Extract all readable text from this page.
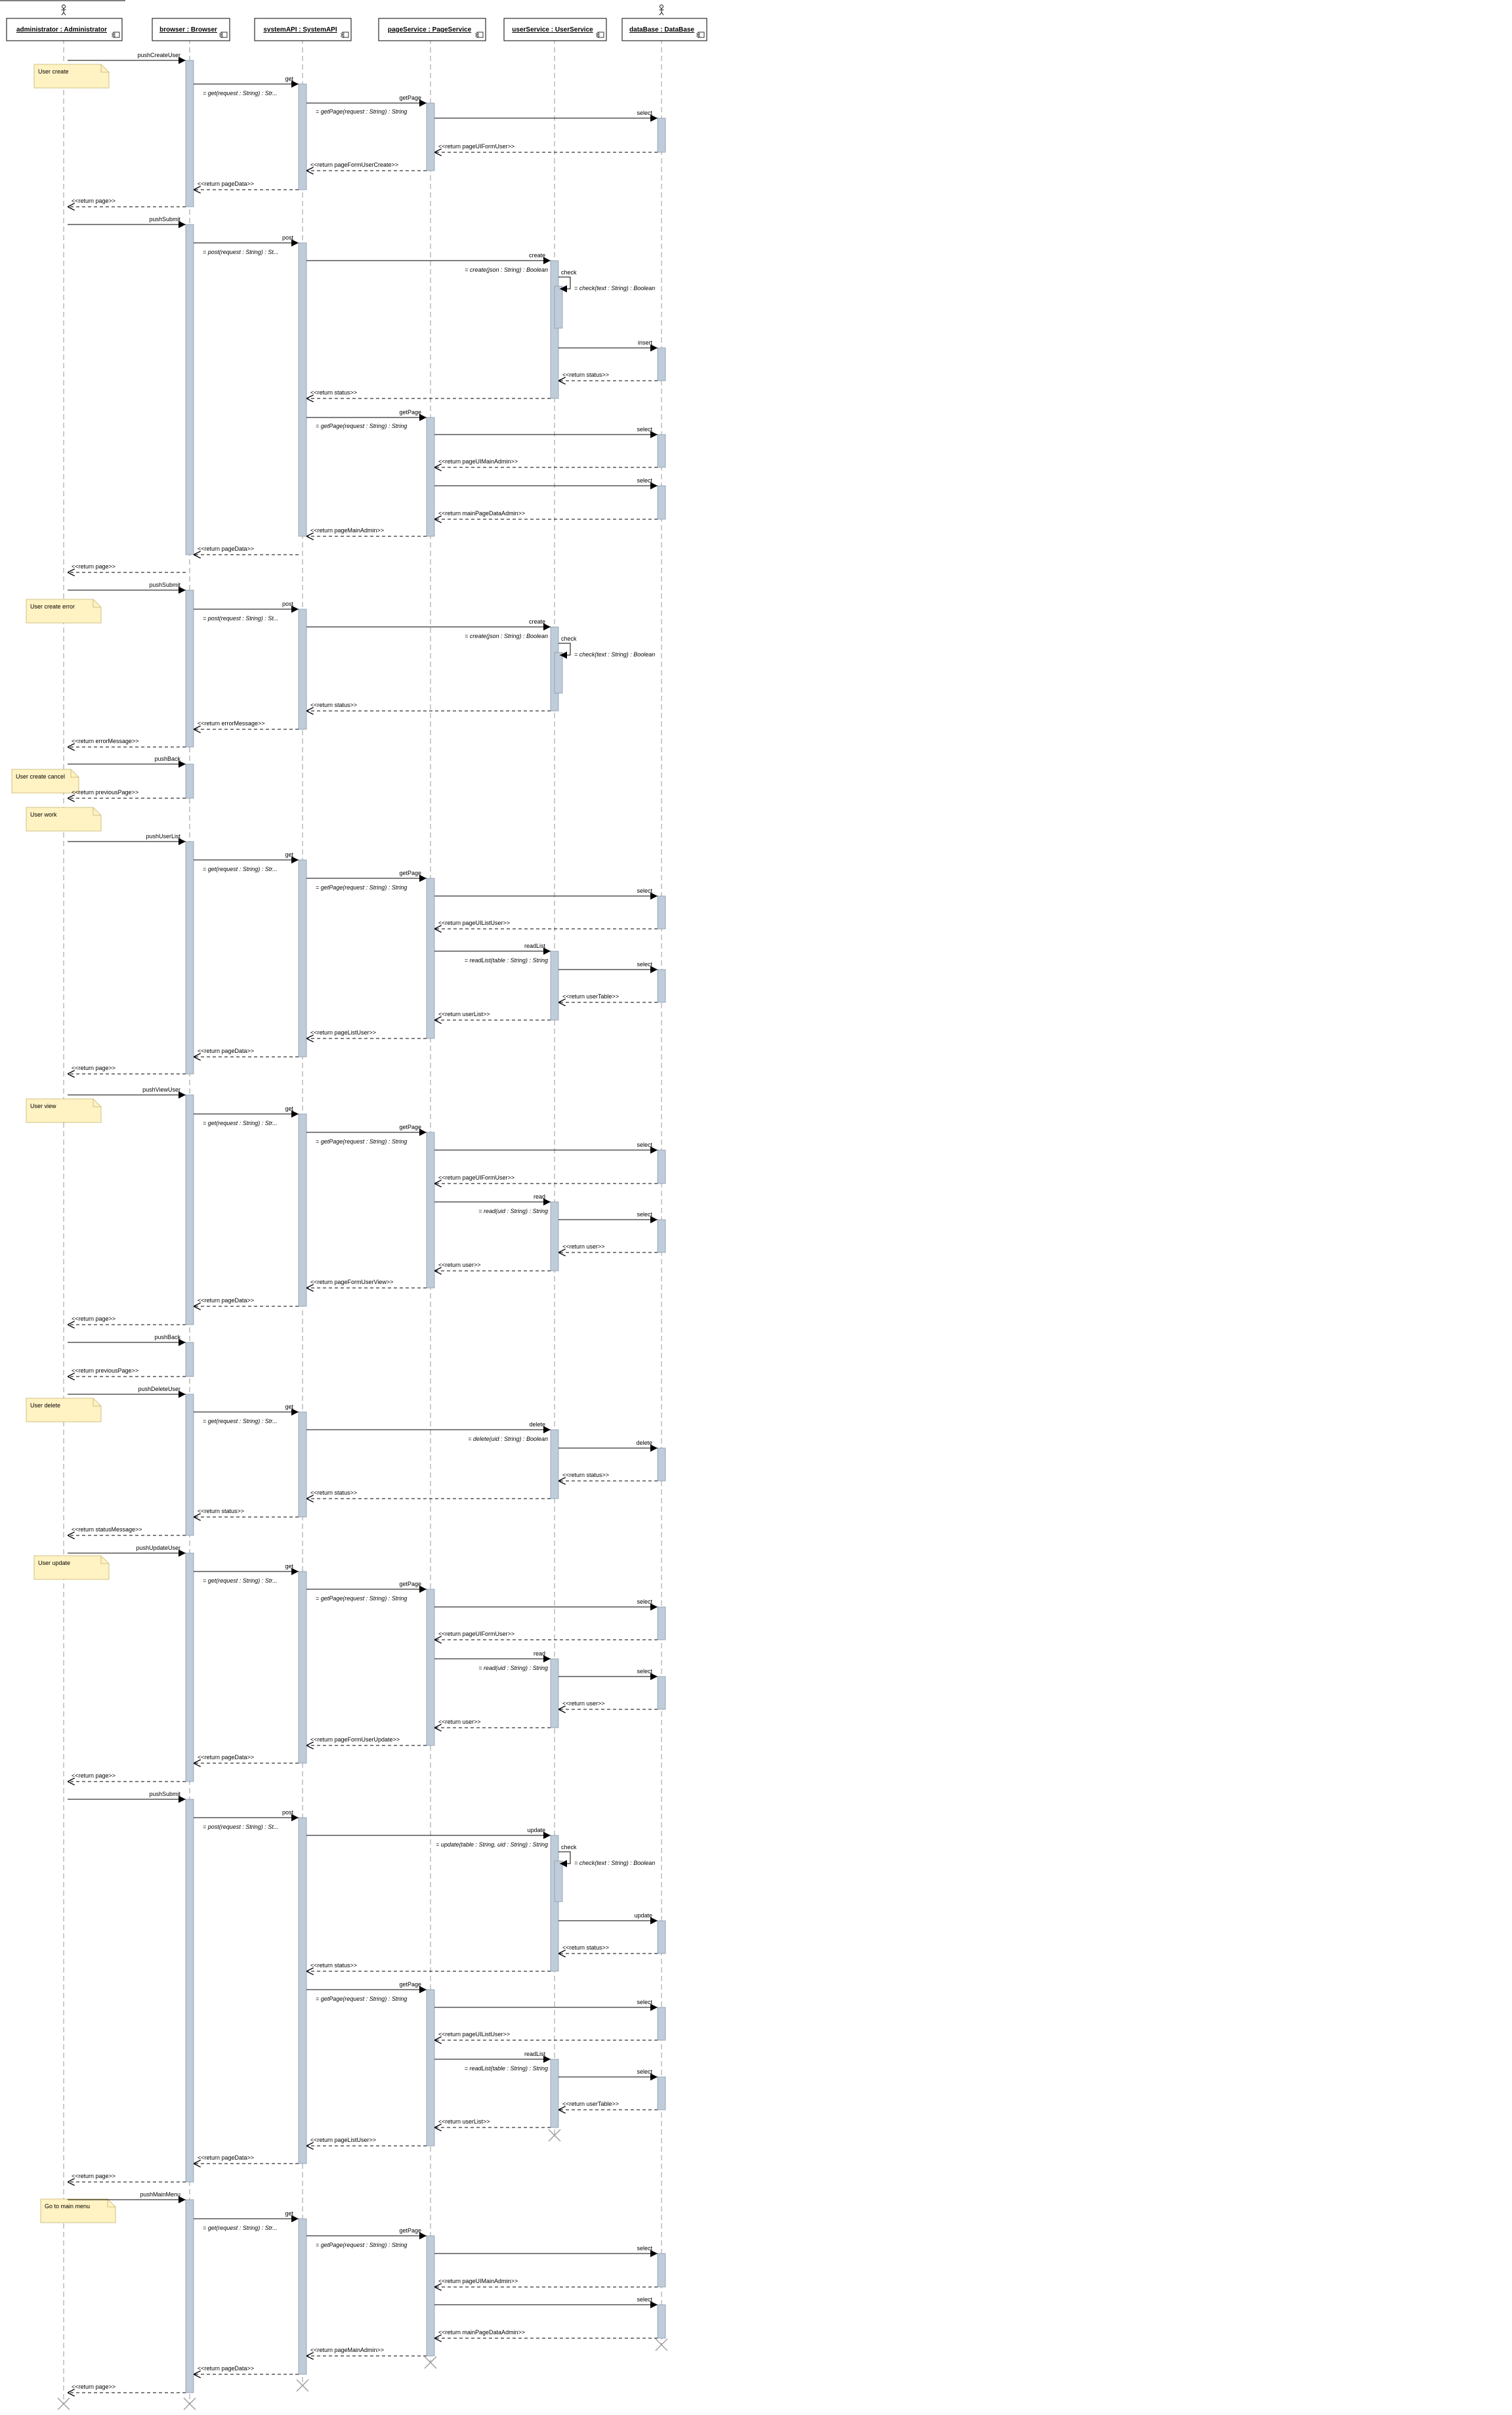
User create
User create error
User create cancel
User work
User view
User delete
User update
Go to main menu
pushCreateUser
get
= get(request : String) : Str...
getPage
= getPage(request : String) : String	select
<<return pageUIFormUser>>
<<return pageFormUserCreate>>
<<return pageData>>
<<return page>>
pushSubmit
post
= post(request : String) : St...	create
= create(json : String) : Boolean check
= check(text : String) : Boolean
insert
<<return status>>
<<return status>>
getPage
= getPage(request : String) : String	select
<<return pageUIMainAdmin>>
select
<<return mainPageDataAdmin>>
<<return pageMainAdmin>>
<<return pageData>>
<<return page>>
pushSubmit
post
= post(request : String) : St...	create
= create(json : String) : Boolean check
= check(text : String) : Boolean
<<return status>>
<<return errorMessage>>
<<return errorMessage>>
pushBack
<<return previousPage>>
pushUserList
get
= get(request : String) : Str...
getPage
= getPage(request : String) : String	select
<<return pageUIListUser>>
readList
= readList(table : String) : String
select
<<return userTable>>
<<return userList>>
<<return pageListUser>>
<<return pageData>>
<<return page>>
pushViewUser
get
= get(request : String) : Str...
getPage
= getPage(request : String) : String	select
<<return pageUIFormUser>>
read
= read(uid : String) : String	select
<<return user>>
<<return user>>
<<return pageFormUserView>>
<<return pageData>>
<<return page>>
pushBack
<<return previousPage>>
pushDeleteUser
get
= get(request : String) : Str...	delete
= delete(uid : String) : Boolean
delete
<<return status>>
<<return status>>
<<return status>>
<<return statusMessage>>
pushUpdateUser
get
= get(request : String) : Str...	getPage
= getPage(request : String) : String	select
<<return pageUIFormUser>>
read
= read(uid : String) : String	select
<<return user>>
<<return user>>
<<return pageFormUserUpdate>>
<<return pageData>>
<<return page>>
pushSubmit
post
= post(request : String) : St...	update
= update(table : String, uid : String) : String check
= check(text : String) : Boolean
update
<<return status>>
<<return status>>
getPage
= getPage(request : String) : String	select
<<return pageUIListUser>>
readList
= readList(table : String) : String	select
<<return userTable>>
<<return userList>>
<<return pageListUser>>
<<return pageData>>
<<return page>>
pushMainMenu
get
= get(request : String) : Str...	getPage
= getPage(request : String) : String	select
<<return pageUIMainAdmin>>
select
<<return mainPageDataAdmin>>
<<return pageMainAdmin>>
<<return pageData>>
<<return page>>
administrator : Administrator	browser : Browser	systemAPI : SystemAPI	pageService : PageService	userService : UserService	dataBase : DataBase
